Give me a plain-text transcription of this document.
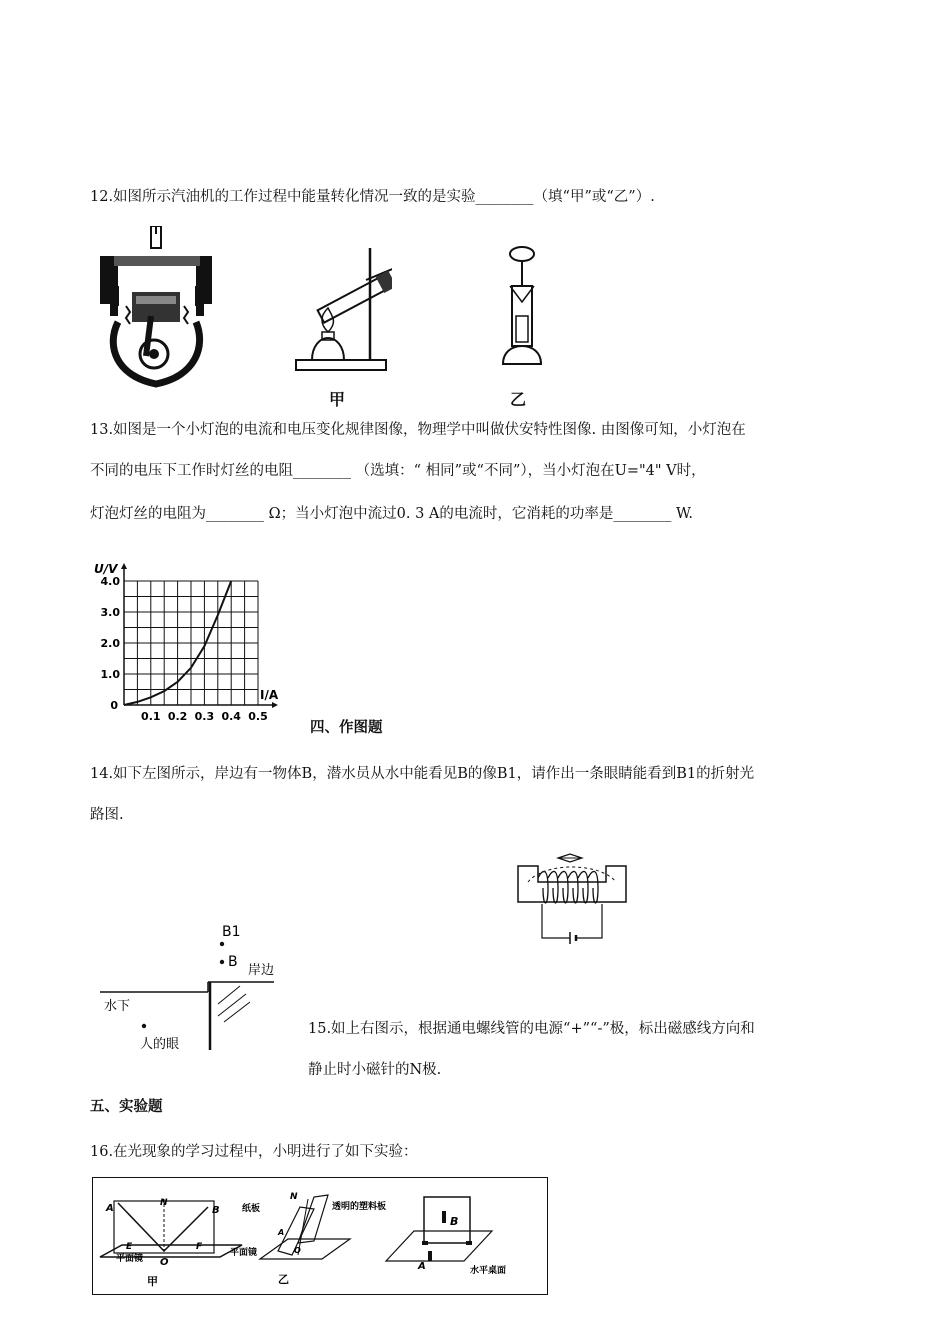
12.如图所示汽油机的工作过程中能量转化情况一致的是实验________（填“甲”或“乙”）.
甲	乙
13.如图是一个小灯泡的电流和电压变化规律图像，物理学中叫做伏安特性图像. 由图像可知，小灯泡在
不同的电压下工作时灯丝的电阻________ （选填：“ 相同”或“不同”），当小灯泡在U="4" V时，
灯泡灯丝的电阻为________ Ω；当小灯泡中流过0. 3 A的电流时，它消耗的功率是________ W.
0.1 0.2 0.3 0.4 0.5
1.0
2.0
3.0
4.0
0
I/A
U/V
四、作图题
14.如下左图所示，岸边有一物体B，潜水员从水中能看见B的像B1，请作出一条眼睛能看到B1的折射光
路图.
B1
B
岸边
水下
人的眼
15.如上右图示，根据通电螺线管的电源“+”“-”极，标出磁感线方向和
静止时小磁针的N极.
五、实验题
16.在光现象的学习过程中，小明进行了如下实验：
A	N
B
E
O
F
平面镜
甲
纸板
N
透明的塑料板
平面镜
A
O
乙
B
A	水平桌面
